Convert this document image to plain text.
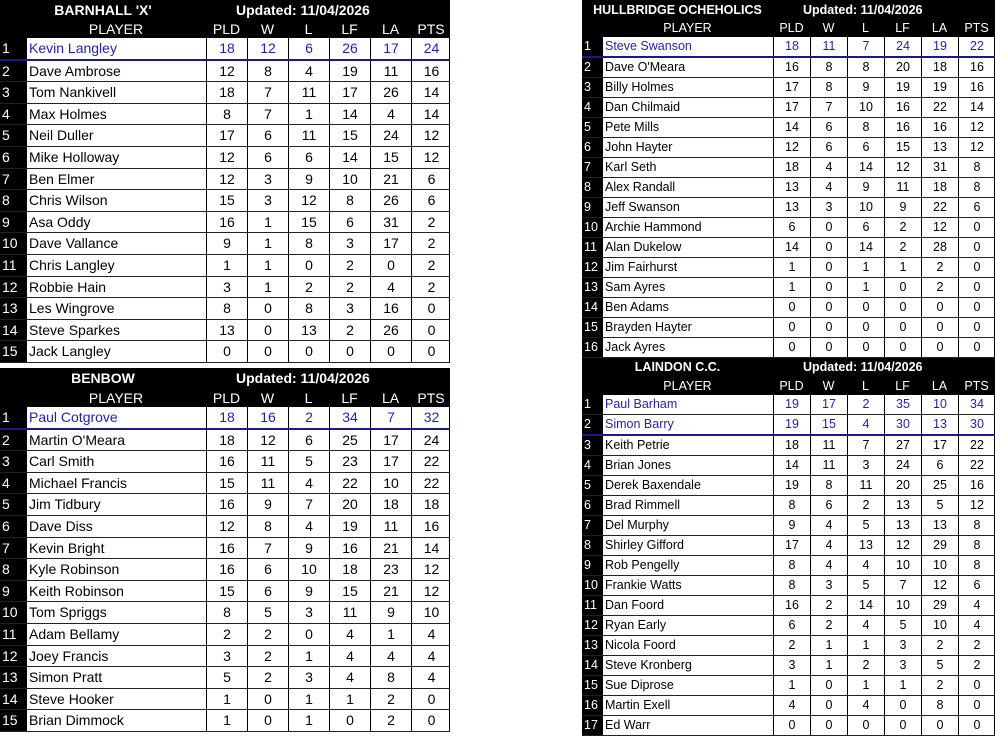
BARNHALL 'X'	Updated: 11/04/2026
PLAYER	PLD	W	L	LF	LA	PTS
1	Kevin Langley	18	12	6	26	17	24
2	Dave Ambrose	12	8	4	19	11	16
3	Tom Nankivell	18	7	11	17	26	14
4	Max Holmes	8	7	1	14	4	14
5	Neil Duller	17	6	11	15	24	12
6	Mike Holloway	12	6	6	14	15	12
7	Ben Elmer	12	3	9	10	21	6
8	Chris Wilson	15	3	12	8	26	6
9	Asa Oddy	16	1	15	6	31	2
10 Dave Vallance	9	1	8	3	17	2
11 Chris Langley	1	1	0	2	0	2
12 Robbie Hain	3	1	2	2	4	2
13 Les Wingrove	8	0	8	3	16	0
14 Steve Sparkes	13	0	13	2	26	0
15 Jack Langley	0	0	0	0	0	0
HULLBRIDGE OCHEHOLICS	Updated: 11/04/2026
PLAYER	PLD	W	L	LF	LA	PTS
1	Steve Swanson	18	11	7	24	19	22
2	Dave O'Meara	16	8	8	20	18	16
3	Billy Holmes	17	8	9	19	19	16
4	Dan Chilmaid	17	7	10	16	22	14
5	Pete Mills	14	6	8	16	16	12
6	John Hayter	12	6	6	15	13	12
7	Karl Seth	18	4	14	12	31	8
8	Alex Randall	13	4	9	11	18	8
9	Jeff Swanson	13	3	10	9	22	6
10 Archie Hammond	6	0	6	2	12	0
11 Alan Dukelow	14	0	14	2	28	0
12 Jim Fairhurst	1	0	1	1	2	0
13 Sam Ayres	1	0	1	0	2	0
14 Ben Adams	0	0	0	0	0	0
15 Brayden Hayter	0	0	0	0	0	0
16 Jack Ayres	0	0	0	0	0	0
BENBOW	Updated: 11/04/2026
PLAYER	PLD	W	L	LF	LA	PTS
1	Paul Cotgrove	18	16	2	34	7	32
2	Martin O'Meara	18	12	6	25	17	24
3	Carl Smith	16	11	5	23	17	22
4	Michael Francis	15	11	4	22	10	22
5	Jim Tidbury	16	9	7	20	18	18
6	Dave Diss	12	8	4	19	11	16
7	Kevin Bright	16	7	9	16	21	14
8	Kyle Robinson	16	6	10	18	23	12
9	Keith Robinson	15	6	9	15	21	12
10 Tom Spriggs	8	5	3	11	9	10
11 Adam Bellamy	2	2	0	4	1	4
12 Joey Francis	3	2	1	4	4	4
13 Simon Pratt	5	2	3	4	8	4
14 Steve Hooker	1	0	1	1	2	0
15 Brian Dimmock	1	0	1	0	2	0
LAINDON C.C.	Updated: 11/04/2026
PLAYER	PLD	W	L	LF	LA	PTS
1	Paul Barham	19	17	2	35	10	34
2	Simon Barry	19	15	4	30	13	30
3	Keith Petrie	18	11	7	27	17	22
4	Brian Jones	14	11	3	24	6	22
5	Derek Baxendale	19	8	11	20	25	16
6	Brad Rimmell	8	6	2	13	5	12
7	Del Murphy	9	4	5	13	13	8
8	Shirley Gifford	17	4	13	12	29	8
9	Rob Pengelly	8	4	4	10	10	8
10 Frankie Watts	8	3	5	7	12	6
11 Dan Foord	16	2	14	10	29	4
12 Ryan Early	6	2	4	5	10	4
13 Nicola Foord	2	1	1	3	2	2
14 Steve Kronberg	3	1	2	3	5	2
15 Sue Diprose	1	0	1	1	2	0
16 Martin Exell	4	0	4	0	8	0
17 Ed Warr	0	0	0	0	0	0
